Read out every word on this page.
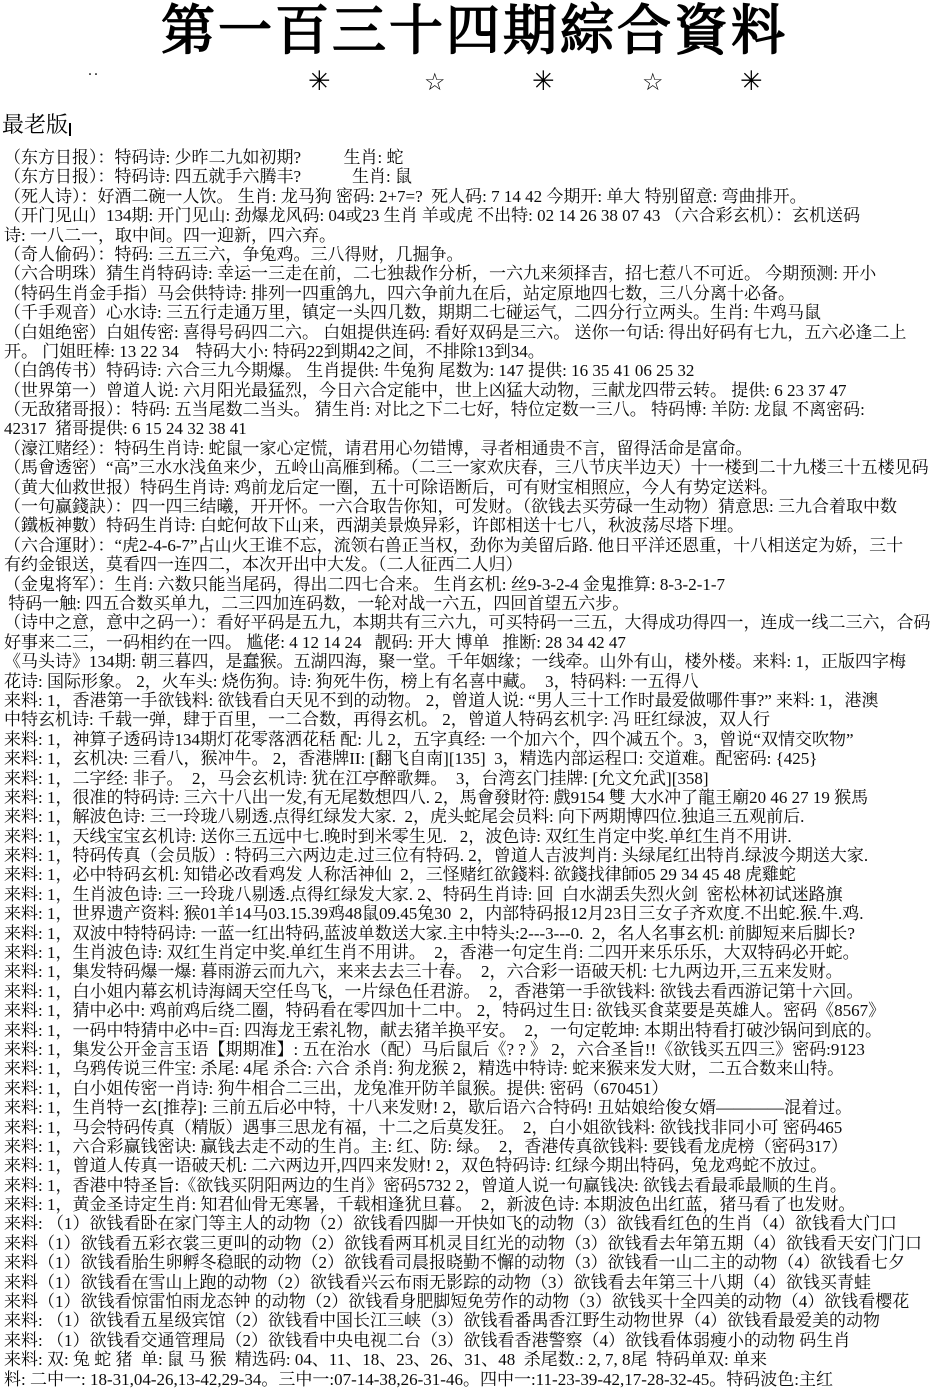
第一百三十四期綜合資料
..	✳	☆	✳	☆	✳
最老版
（东方日报）：特码诗: 少昨二九如初期?          生肖: 蛇
（东方日报）：特码诗: 四五就手六腾丰?            生肖: 鼠
（死人诗）：好酒二碗一人饮。 生肖: 龙马狗 密码: 2+7=?  死人码: 7 14 42 今期开: 单大 特别留意: 弯曲排开。
（开门见山）134期: 开门见山: 劲爆龙风码: 04或23 生肖 羊或虎 不出特: 02 14 26 38 07 43 （六合彩玄机）：玄机送码
诗: 一八二一，取中间。四一迎新，四六弃。
（奇人偷码）：特码: 三五三六，争兔鸡。三八得财，几掘争。
（六合明珠）猜生肖特码诗: 幸运一三走在前，二七独裁作分析，一六九来须择吉，招七惹八不可近。 今期预测: 开小
（特码生肖金手指）马会供特诗: 排列一四重鸽九，四六争前九在后，站定原地四七数，三八分离十必备。
（千手观音）心水诗: 三五行走通万里，镇定一头四几数，期期二七碰运气，二四分行立两头。生肖: 牛鸡马鼠
（白姐绝密）白姐传密: 喜得号码四二六。 白姐提供连码: 看好双码是三六。 送你一句话: 得出好码有七九，五六必逢二上
开。 门姐旺棒: 13 22 34    特码大小: 特码22到期42之间，不排除13到34。
（白鸽传书）特码诗: 六合三九今期爆。 生肖提供: 牛兔狗 尾数为: 147 提供: 16 35 41 06 25 32
（世界第一）曾道人说: 六月阳光最猛烈，今日六合定能中，世上凶猛大动物，三献龙四带云转。 提供: 6 23 37 47
（无敌猪哥报）：特码: 五当尾数二当头。 猜生肖: 对比之下二七好，特位定数一三八。 特码博: 羊防: 龙鼠 不离密码:
42317  猪哥提供: 6 15 24 32 38 41
（濠江赌经）：特码生肖诗: 蛇鼠一家心定慌，请君用心勿错博，寻者相通贵不言，留得活命是富命。
（馬會透密）“高”三水水浅鱼来少，五岭山高雁到稀。（二三一家欢庆春，三八节庆半边天）十一楼到二十九楼三十五楼见码
（黄大仙救世报）特码生肖诗: 鸡前龙后定一圈，五十可除语断后，可有财宝相照应，今人有势定送料。
（一句赢錢訣）：四一四三结曦，开开怀。一六合取告你知，可发财。（欲钱去买劳碌一生动物）猜意思: 三九合着取中数
（鐵板神數）特码生肖诗: 白蛇何故下山来，西湖美景焕异彩，许郎相送十七八，秋波荡尽塔下埋。
（六合運財）：“虎2-4-6-7”占山火王谁不忘，流领右兽正当权，劲你为美留后路. 他日平洋还恩重，十八相送定为娇，三十
有约金银送，莫看四一连四二，本次开出中大发。（二人征西二人归）
（金鬼将军）：生肖: 六数只能当尾码，得出二四七合来。 生肖玄机: 丝9-3-2-4 金鬼推算: 8-3-2-1-7
特码一触: 四五合数买单九，二三四加连码数，一轮对战一六五，四回首望五六步。
（诗中之意，意中之码一）：看好平码是五九，本期共有三六九，可买特码一三五，大得成功得四一，连成一线二三六，合码
好事来二三，一码相约在一四。 尴佬: 4 12 14 24   靓码: 开大 博单   推断: 28 34 42 47
《马头诗》134期: 朝三暮四，是蠢猴。五湖四海，聚一堂。千年姻缘；一线牵。山外有山，楼外楼。来料: 1，正版四字梅
花诗: 国际形象。 2，火车头: 烧伤狗。诗: 狗死牛伤，榜上有名喜中藏。  3，特码料: 一五得八
来料: 1，香港第一手欲钱料: 欲钱看白天见不到的动物。 2，曾道人说: “男人三十工作时最爱做哪件事?” 来料: 1，港澳
中特玄机诗: 千载一弹，肆于百里，一二合数，再得玄机。 2，曾道人特码玄机字: 冯 旺红绿波，双人行
来料: 1，神算子透码诗134期灯花零落洒花秳 配: 儿 2，五字真经: 一个加六个，四个减五个。3，曾说“双情交吹物”
来料: 1，玄机决: 三看八，猴冲牛。 2，香港牌II: [翻飞自南][135]  3，精选内部运程口: 交道难。配密码: {425}
来料: 1，二字经: 非子。  2，马会玄机诗: 犹在江亭醉歌舞。  3，台湾玄门挂牌: [允文允武][358]
来料: 1，很准的特码诗: 三六十八出一发,有无尾数想四八. 2，馬會發財符: 戲9154 雙 大水冲了龍王廟20 46 27 19 猴馬
来料: 1，解波色诗: 三一玲珑八剔透.点得红绿发大家.  2，虎头蛇尾会员料: 向下两期博四位.独追三五观前后.
来料: 1，天线宝宝玄机诗: 送你三五远中七.晚时到米零生见.   2，波色诗: 双红生肖定中奖.单红生肖不用讲.
来料: 1，特码传真（会员版）: 特码三六两边走.过三位有特码. 2，曾道人吉波判肖: 头绿尾红出特肖.绿波今期送大家.
来料: 1，必中特码玄机: 知错必改看鸡发 人称活神仙  2，三怪赌红欲錢料: 欲錢找律師05 29 34 45 48 虎雞蛇
来料: 1，生肖波色诗: 三一玲珑八剔透.点得红绿发大家. 2、特码生肖诗: 回  白水湖丢失烈火剑  密松林初试迷路旗
来料: 1，世界遗产资料: 猴01羊14马03.15.39鸡48鼠09.45兔30  2，内部特码报12月23日三女子齐欢度.不出蛇.猴.牛.鸡.
来料: 1，双波中特特码诗: 一蓝一红出特码,蓝波单数送大家.主中特头:2---3---0.  2，名人名事玄机: 前脚短来后脚长?
来料: 1，生肖波色诗: 双红生肖定中奖.单红生肖不用讲。  2，香港一句定生肖: 二四开来乐乐乐，大双特码必开蛇。
来料: 1，集发特码爆一爆: 暮雨游云而九六，来来去去三十春。  2，六合彩一语破天机: 七九两边开,三五来发财。
来料: 1，白小姐内幕玄机诗海阔天空任鸟飞，一片绿色任君游。  2，香港第一手欲钱料: 欲钱去看西游记第十六回。
来料: 1，猜中必中: 鸡前鸡后绕二圈，特码看在零四加十二中。 2，特码过生日: 欲钱买食菜要是英雄人。密码《8567》
来料: 1，一码中特猜中必中=百: 四海龙王索礼物，献去猪羊换平安。  2，一句定乾坤: 本期出特看打破沙锅问到底的。
来料: 1，集发公开金言玉语【期期准】: 五在治水（配）马后鼠后《? ? 》 2，六合圣旨!!《欲钱买五四三》密码:9123
来料: 1，乌鸦传说三件宝: 杀尾: 4尾 杀合: 六合 杀肖: 狗龙猴 2，精选中特诗: 蛇来猴来发大财，二五合数来山特。
来料: 1，白小姐传密一肖诗: 狗牛相合二三出，龙兔准开防羊鼠猴。提供: 密码（670451）
来料: 1，生肖特一玄[推荐]: 三前五后必中特，十八来发财! 2，歇后语六合特码! 丑姑娘给俊女婿————混着过。
来料: 1，马会特码传真（精版）遇事三思龙有福，十二之后莫发狂。  2，白小姐欲钱料: 欲钱找非同小可 密码465
来料: 1，六合彩赢钱密诀: 赢钱去走不动的生肖。主: 红、防: 绿。  2，香港传真欲钱料: 要钱看龙虎榜（密码317）
来料: 1，曾道人传真一语破天机: 二六两边开,四四来发财! 2，双色特码诗: 红绿今期出特码，兔龙鸡蛇不放过。
来料: 1，香港中特圣旨:《欲钱买阴阳两边的生肖》密码5732 2，曾道人说一句赢钱决: 欲钱去看最乖最顺的生肖。
来料: 1，黄金圣诗定生肖: 知君仙骨无寒暑，千载相逢犹旦暮。  2，新波色诗: 本期波色出红蓝，猪马看了也发财。
来料: （1）欲钱看卧在家门等主人的动物（2）欲钱看四脚一开快如飞的动物（3）欲钱看红色的生肖（4）欲钱看大门口
来料（1）欲钱看五彩衣裳三更叫的动物（2）欲钱看两耳机灵目红光的动物（3）欲钱看去年第五期（4）欲钱看天安门门口
来料（1）欲钱看胎生卵孵冬稳眠的动物（2）欲钱看司晨报晓勤不懈的动物（3）欲钱看一山二主的动物（4）欲钱看七夕
来料（1）欲钱看在雪山上跑的动物（2）欲钱看兴云布雨无影踪的动物（3）欲钱看去年第三十八期（4）欲钱买青蛙
来料（1）欲钱看惊雷怕雨龙态钟 的动物（2）欲钱看身肥脚短免劳作的动物（3）欲钱买十全四美的动物（4）欲钱看樱花
来料: （1）欲钱看五星级宾馆（2）欲钱看中国长江三峡（3）欲钱看番禺香江野生动物世界（4）欲钱看最爱美的动物
来料: （1）欲钱看交通管理局（2）欲钱看中央电视二台（3）欲钱看香港警察（4）欲钱看体弱瘦小的动物 码生肖
来料: 双: 兔 蛇 猪  单: 鼠 马 猴  精选码: 04、11、18、23、26、31、48  杀尾数.: 2, 7, 8尾  特码单双: 单来
料: 二中一: 18-31,04-26,13-42,29-34。三中一:07-14-38,26-31-46。四中一:11-23-39-42,17-28-32-45。特码波色:主红
